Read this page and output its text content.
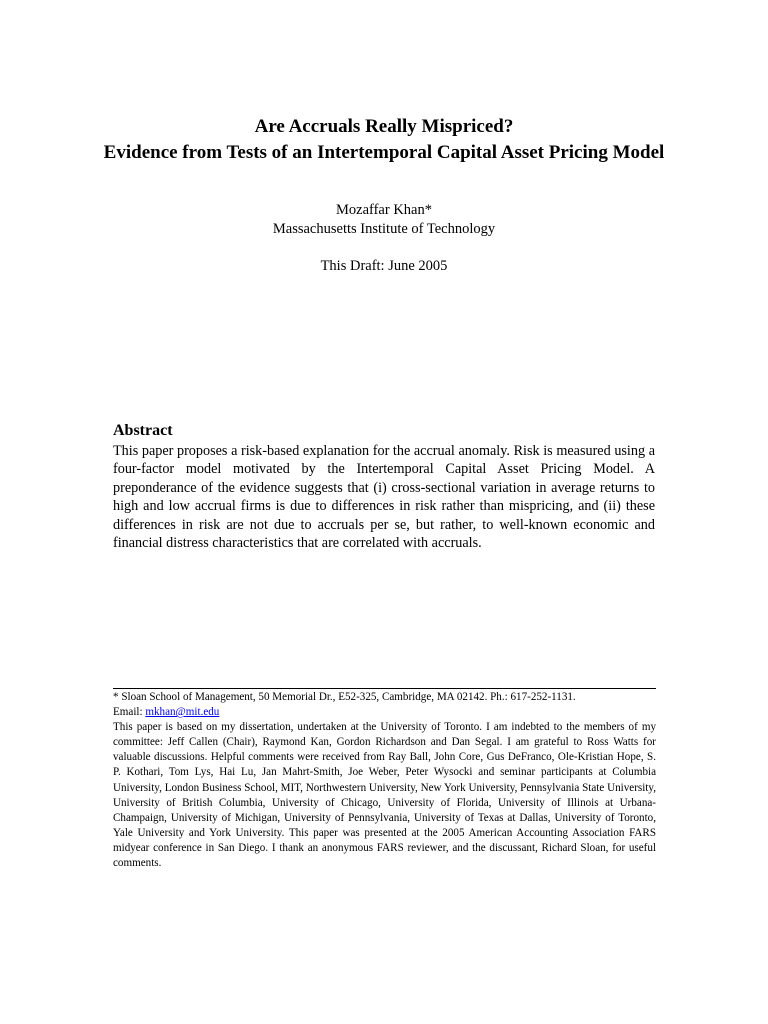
Are Accruals Really Mispriced?
Evidence from Tests of an Intertemporal Capital Asset Pricing Model
Mozaffar Khan*
Massachusetts Institute of Technology
This Draft: June 2005
Abstract
This paper proposes a risk-based explanation for the accrual anomaly. Risk is measured using a four-factor model motivated by the Intertemporal Capital Asset Pricing Model. A preponderance of the evidence suggests that (i) cross-sectional variation in average returns to high and low accrual firms is due to differences in risk rather than mispricing, and (ii) these differences in risk are not due to accruals per se, but rather, to well-known economic and financial distress characteristics that are correlated with accruals.
* Sloan School of Management, 50 Memorial Dr., E52-325, Cambridge, MA 02142. Ph.: 617-252-1131.
Email: mkhan@mit.edu
This paper is based on my dissertation, undertaken at the University of Toronto. I am indebted to the members of my committee: Jeff Callen (Chair), Raymond Kan, Gordon Richardson and Dan Segal. I am grateful to Ross Watts for valuable discussions. Helpful comments were received from Ray Ball, John Core, Gus DeFranco, Ole-Kristian Hope, S. P. Kothari, Tom Lys, Hai Lu, Jan Mahrt-Smith, Joe Weber, Peter Wysocki and seminar participants at Columbia University, London Business School, MIT, Northwestern University, New York University, Pennsylvania State University, University of British Columbia, University of Chicago, University of Florida, University of Illinois at Urbana-Champaign, University of Michigan, University of Pennsylvania, University of Texas at Dallas, University of Toronto, Yale University and York University. This paper was presented at the 2005 American Accounting Association FARS midyear conference in San Diego. I thank an anonymous FARS reviewer, and the discussant, Richard Sloan, for useful comments.
